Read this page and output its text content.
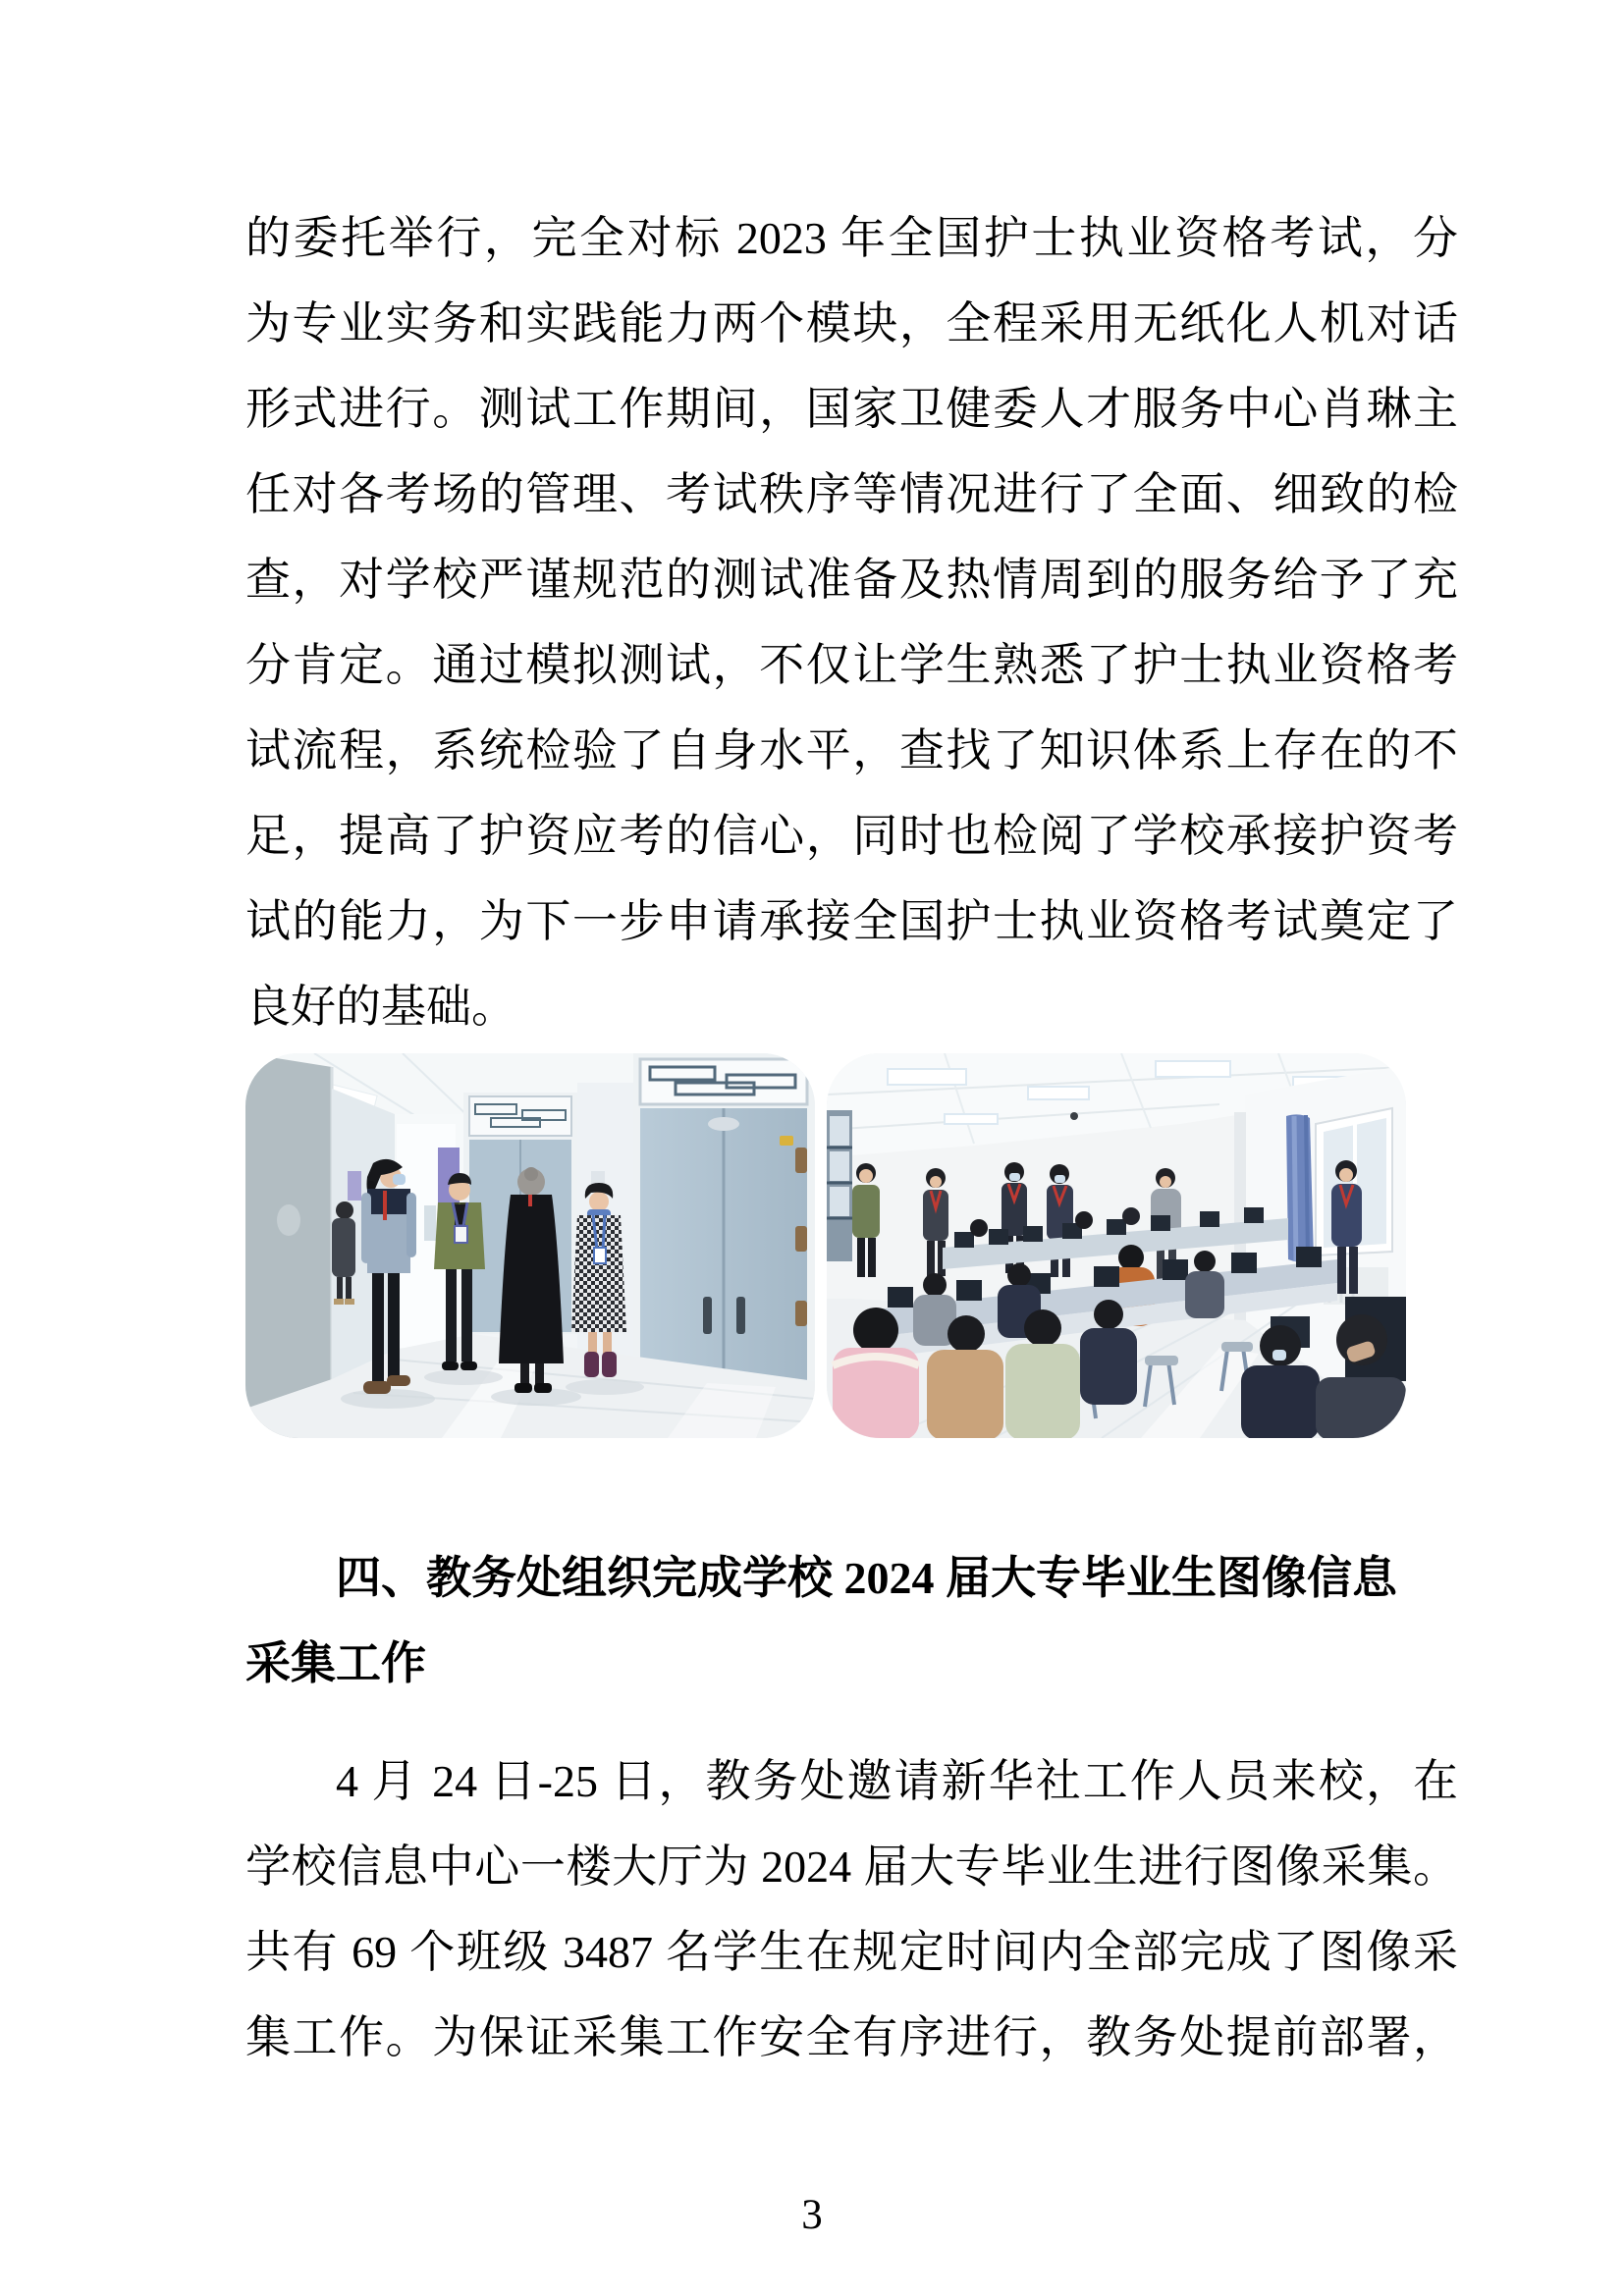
的委托举行，完全对标 2023 年全国护士执业资格考试，分
为专业实务和实践能力两个模块，全程采用无纸化人机对话
形式进行。测试工作期间，国家卫健委人才服务中心肖琳主
任对各考场的管理、考试秩序等情况进行了全面、细致的检
查，对学校严谨规范的测试准备及热情周到的服务给予了充
分肯定。通过模拟测试，不仅让学生熟悉了护士执业资格考
试流程，系统检验了自身水平，查找了知识体系上存在的不
足，提高了护资应考的信心，同时也检阅了学校承接护资考
试的能力，为下一步申请承接全国护士执业资格考试奠定了
良好的基础。
四、教务处组织完成学校 2024 届大专毕业生图像信息
采集工作
4 月 24 日-25 日，教务处邀请新华社工作人员来校，在
学校信息中心一楼大厅为 2024 届大专毕业生进行图像采集。
共有 69 个班级 3487 名学生在规定时间内全部完成了图像采
集工作。为保证采集工作安全有序进行，教务处提前部署，
3
